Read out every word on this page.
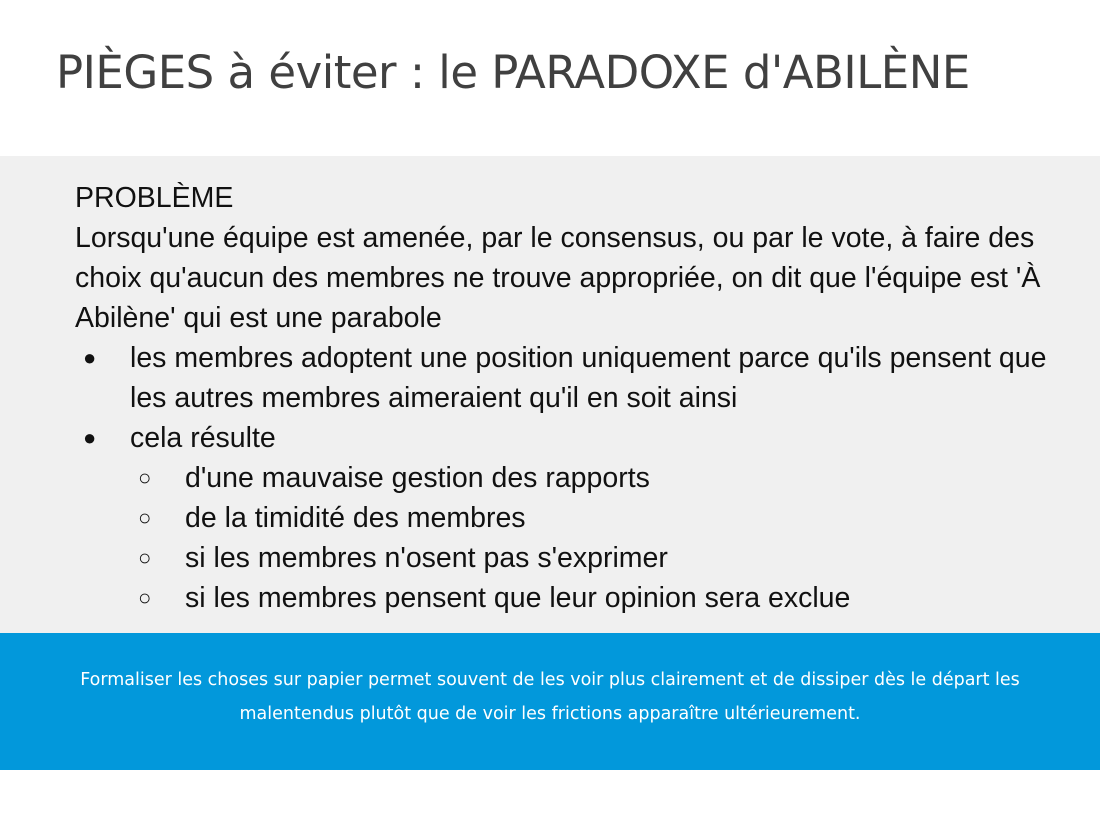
PIÈGES à éviter : le PARADOXE d'ABILÈNE

PROBLÈME

Lorsqu'une équipe est amenée, par le consensus, ou par le vote, à faire des choix qu'aucun des membres ne trouve appropriée, on dit que l'équipe est 'À Abilène' qui est une parabole

● les membres adoptent une position uniquement parce qu'ils pensent que les autres membres aimeraient qu'il en soit ainsi
● cela résulte
○ d'une mauvaise gestion des rapports
○ de la timidité des membres
○ si les membres n'osent pas s'exprimer
○ si les membres pensent que leur opinion sera exclue
Formaliser les choses sur papier permet souvent de les voir plus clairement et de dissiper dès le départ les malentendus plutôt que de voir les frictions apparaître ultérieurement.
